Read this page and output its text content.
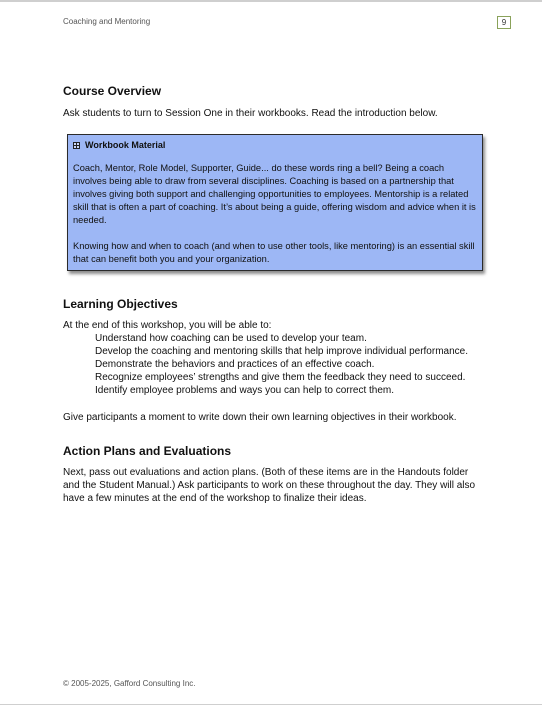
Coaching and Mentoring	9
Course Overview
Ask students to turn to Session One in their workbooks. Read the introduction below.
Workbook Material
Coach, Mentor, Role Model, Supporter, Guide... do these words ring a bell? Being a coach involves being able to draw from several disciplines. Coaching is based on a partnership that involves giving both support and challenging opportunities to employees. Mentorship is a related skill that is often a part of coaching. It’s about being a guide, offering wisdom and advice when it is needed.
Knowing how and when to coach (and when to use other tools, like mentoring) is an essential skill that can benefit both you and your organization.
Learning Objectives
At the end of this workshop, you will be able to:
Understand how coaching can be used to develop your team.
Develop the coaching and mentoring skills that help improve individual performance.
Demonstrate the behaviors and practices of an effective coach.
Recognize employees’ strengths and give them the feedback they need to succeed.
Identify employee problems and ways you can help to correct them.
Give participants a moment to write down their own learning objectives in their workbook.
Action Plans and Evaluations
Next, pass out evaluations and action plans. (Both of these items are in the Handouts folder and the Student Manual.) Ask participants to work on these throughout the day. They will also have a few minutes at the end of the workshop to finalize their ideas.
© 2005-2025, Gafford Consulting Inc.
